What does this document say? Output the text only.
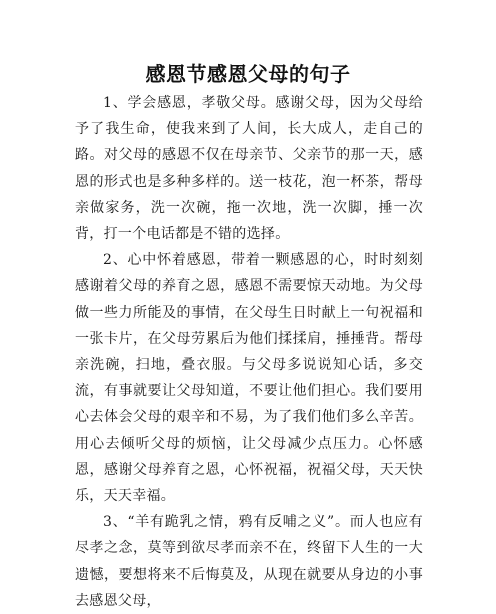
感恩节感恩父母的句子

1、学会感恩，孝敬父母。感谢父母，因为父母给予了我生命，使我来到了人间，长大成人，走自己的路。对父母的感恩不仅在母亲节、父亲节的那一天，感恩的形式也是多种多样的。送一枝花，泡一杯茶，帮母亲做家务，洗一次碗，拖一次地，洗一次脚，捶一次背，打一个电话都是不错的选择。

2、心中怀着感恩，带着一颗感恩的心，时时刻刻感谢着父母的养育之恩，感恩不需要惊天动地。为父母做一些力所能及的事情，在父母生日时献上一句祝福和一张卡片，在父母劳累后为他们揉揉肩，捶捶背。帮母亲洗碗，扫地，叠衣服。与父母多说说知心话，多交流，有事就要让父母知道，不要让他们担心。我们要用心去体会父母的艰辛和不易，为了我们他们多么辛苦。用心去倾听父母的烦恼，让父母减少点压力。心怀感恩，感谢父母养育之恩，心怀祝福，祝福父母，天天快乐，天天幸福。

3、“羊有跪乳之情，鸦有反哺之义”。而人也应有尽孝之念，莫等到欲尽孝而亲不在，终留下人生的一大遗憾，要想将来不后悔莫及，从现在就要从身边的小事去感恩父母，
